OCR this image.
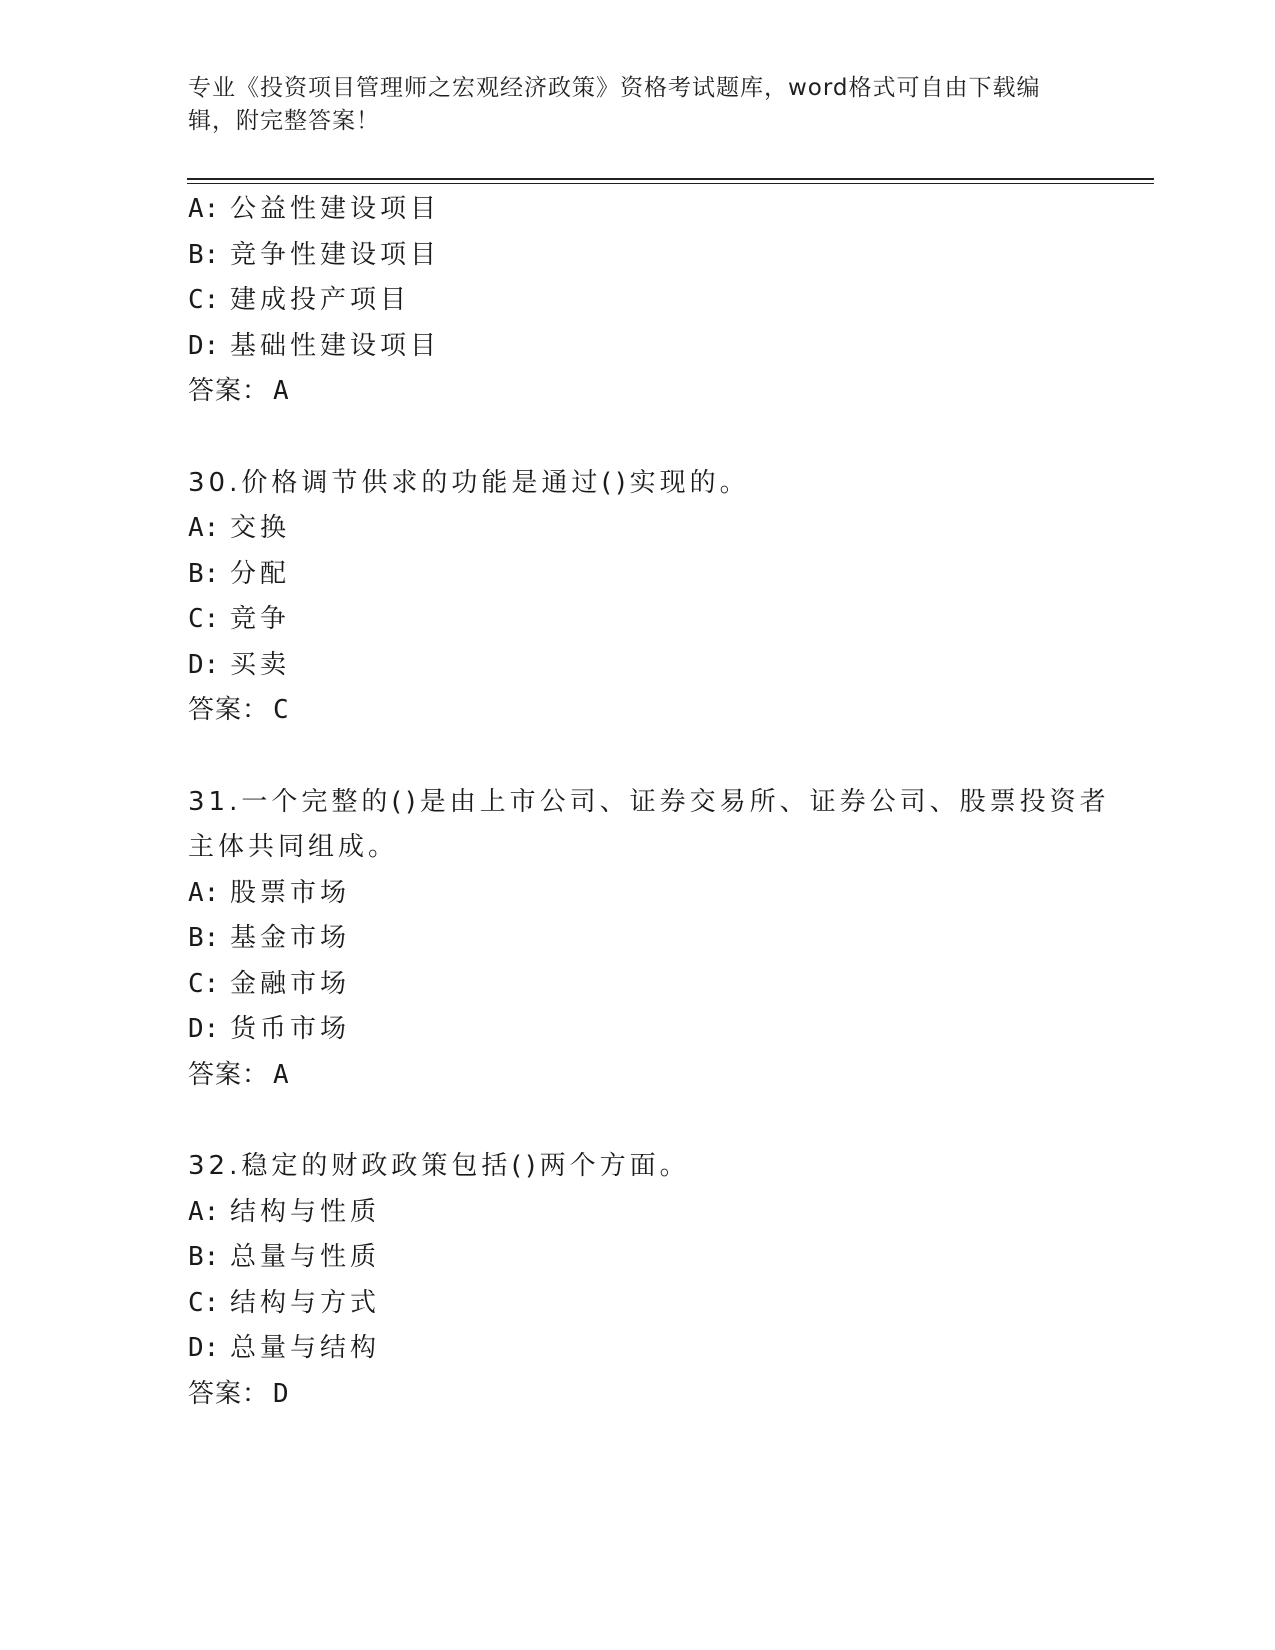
专业《投资项目管理师之宏观经济政策》资格考试题库，word格式可自由下载编
辑，附完整答案！
A: 公益性建设项目
B: 竞争性建设项目
C: 建成投产项目
D: 基础性建设项目
答案： A
30.价格调节供求的功能是通过()实现的。
A: 交换
B: 分配
C: 竞争
D: 买卖
答案： C
31.一个完整的()是由上市公司、证券交易所、证券公司、股票投资者
主体共同组成。
A: 股票市场
B: 基金市场
C: 金融市场
D: 货币市场
答案： A
32.稳定的财政政策包括()两个方面。
A: 结构与性质
B: 总量与性质
C: 结构与方式
D: 总量与结构
答案： D
